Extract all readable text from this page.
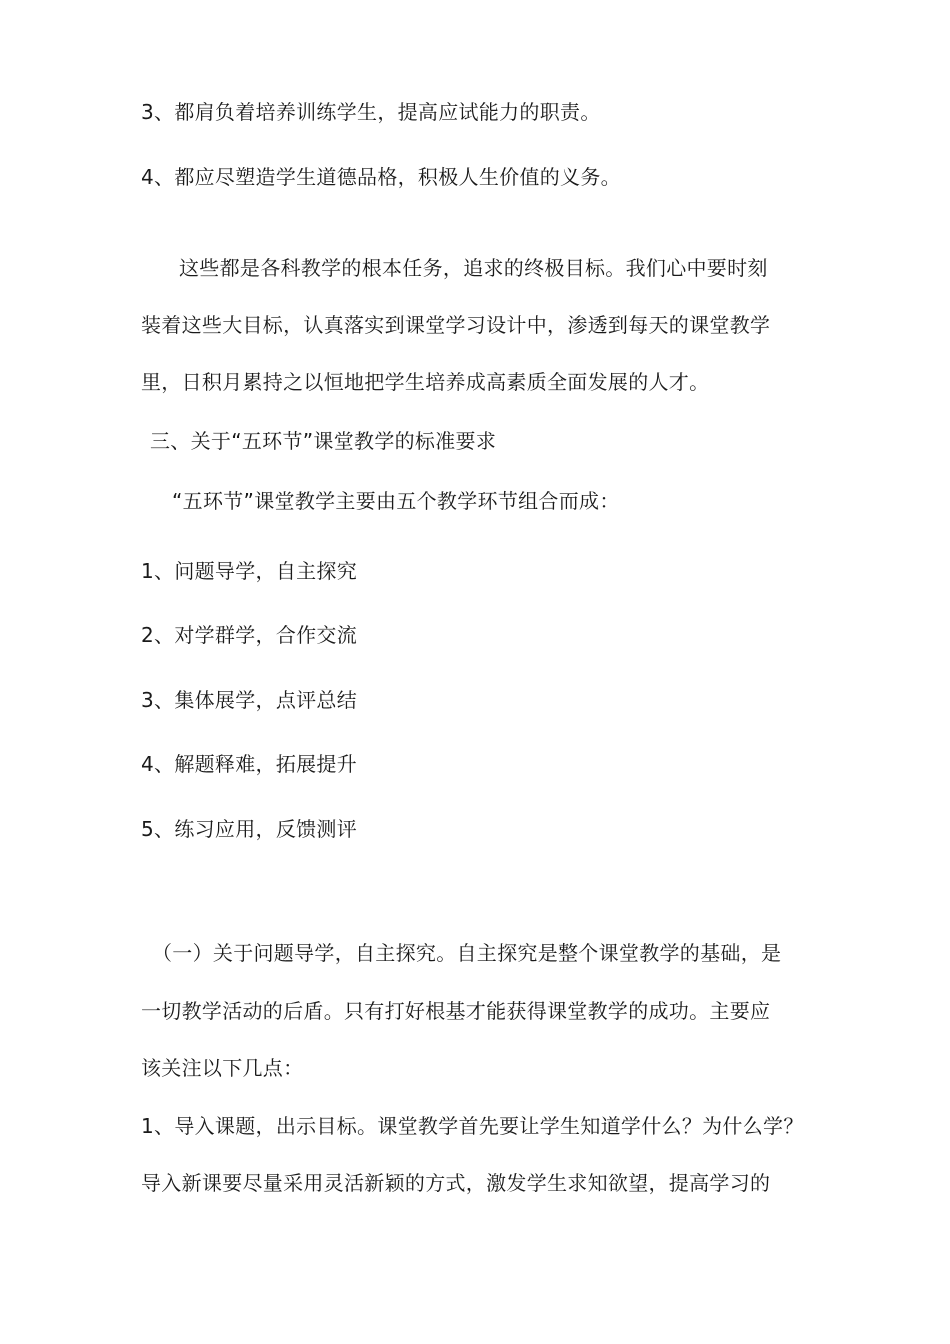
3、都肩负着培养训练学生，提高应试能力的职责。
4、都应尽塑造学生道德品格，积极人生价值的义务。
这些都是各科教学的根本任务，追求的终极目标。我们心中要时刻
装着这些大目标，认真落实到课堂学习设计中，渗透到每天的课堂教学
里，日积月累持之以恒地把学生培养成高素质全面发展的人才。
三、关于“五环节”课堂教学的标准要求
“五环节”课堂教学主要由五个教学环节组合而成：
1、问题导学，自主探究
2、对学群学，合作交流
3、集体展学，点评总结
4、解题释难，拓展提升
5、练习应用，反馈测评
（一）关于问题导学，自主探究。自主探究是整个课堂教学的基础，是
一切教学活动的后盾。只有打好根基才能获得课堂教学的成功。主要应
该关注以下几点：
1、导入课题，出示目标。课堂教学首先要让学生知道学什么？为什么学？
导入新课要尽量采用灵活新颖的方式，激发学生求知欲望，提高学习的
